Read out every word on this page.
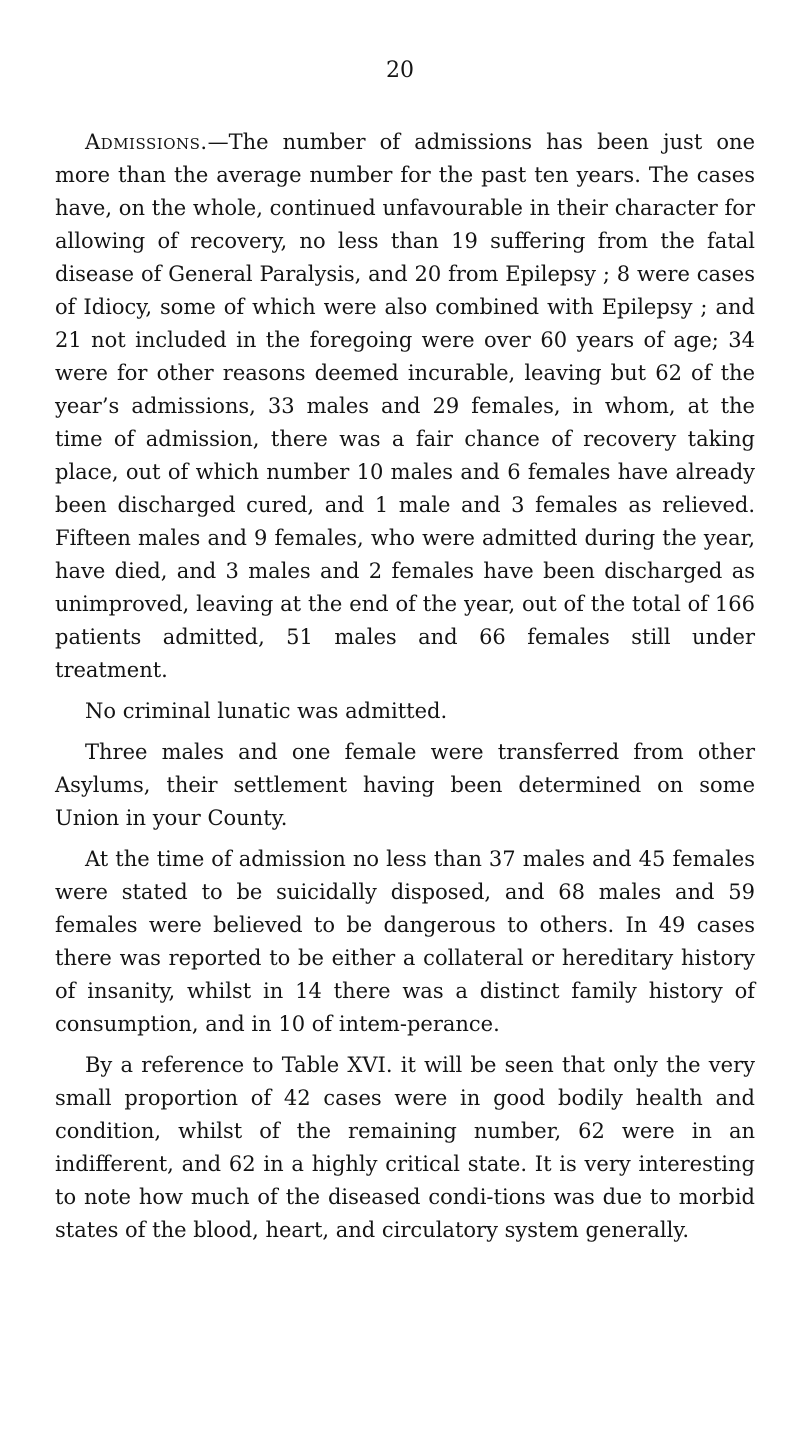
20

Admissions.—The number of admissions has been just one more than the average number for the past ten years. The cases have, on the whole, continued unfavourable in their character for allowing of recovery, no less than 19 suffering from the fatal disease of General Paralysis, and 20 from Epilepsy ; 8 were cases of Idiocy, some of which were also combined with Epilepsy ; and 21 not included in the foregoing were over 60 years of age; 34 were for other reasons deemed incurable, leaving but 62 of the year’s admissions, 33 males and 29 females, in whom, at the time of admission, there was a fair chance of recovery taking place, out of which number 10 males and 6 females have already been discharged cured, and 1 male and 3 females as relieved. Fifteen males and 9 females, who were admitted during the year, have died, and 3 males and 2 females have been discharged as unimproved, leaving at the end of the year, out of the total of 166 patients admitted, 51 males and 66 females still under treatment.

No criminal lunatic was admitted.

Three males and one female were transferred from other Asylums, their settlement having been determined on some Union in your County.

At the time of admission no less than 37 males and 45 females were stated to be suicidally disposed, and 68 males and 59 females were believed to be dangerous to others. In 49 cases there was reported to be either a collateral or hereditary history of insanity, whilst in 14 there was a distinct family history of consumption, and in 10 of intem-perance.

By a reference to Table XVI. it will be seen that only the very small proportion of 42 cases were in good bodily health and condition, whilst of the remaining number, 62 were in an indifferent, and 62 in a highly critical state. It is very interesting to note how much of the diseased condi-tions was due to morbid states of the blood, heart, and circulatory system generally.
